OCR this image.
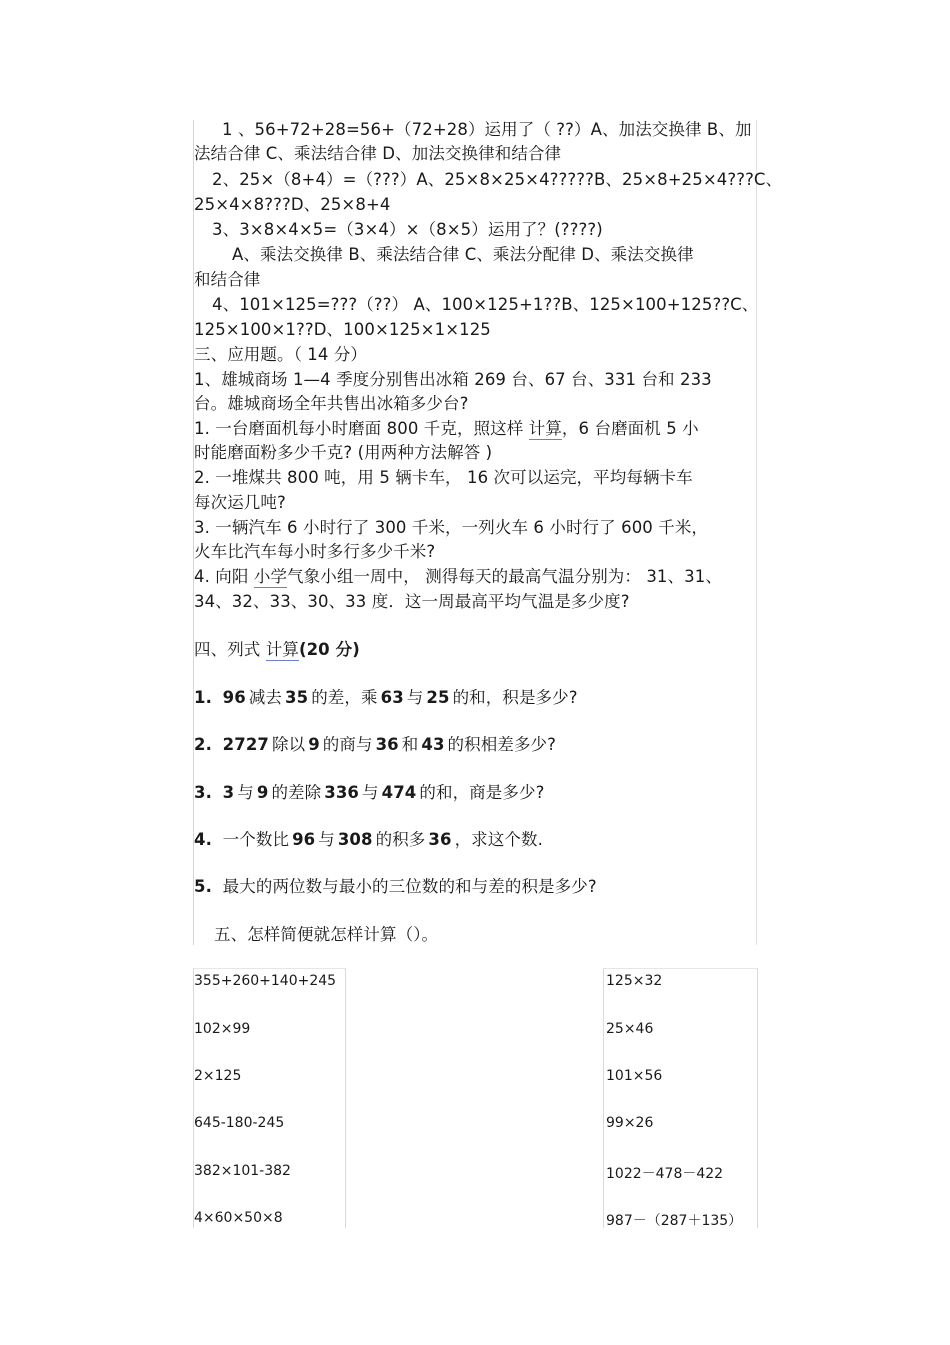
1 、56+72+28=56+（72+28）运用了（ ??）A、加法交换律 B、加
法结合律 C、乘法结合律 D、加法交换律和结合律
2、25×（8+4）=（???）A、25×8×25×4?????B、25×8+25×4???C、
25×4×8???D、25×8+4
3、3×8×4×5=（3×4）×（8×5）运用了？(????)
A、乘法交换律 B、乘法结合律 C、乘法分配律 D、乘法交换律
和结合律
4、101×125=???（??） A、100×125+1??B、125×100+125??C、
125×100×1??D、100×125×1×125
三、应用题。（ 14 分）
1、雄城商场 1—4 季度分别售出冰箱 269 台、67 台、331 台和 233
台。雄城商场全年共售出冰箱多少台?
1. 一台磨面机每小时磨面 800 千克，照这样 计算，6 台磨面机 5 小
时能磨面粉多少千克? (用两种方法解答 )
2. 一堆煤共 800 吨，用 5 辆卡车， 16 次可以运完，平均每辆卡车
每次运几吨?
3. 一辆汽车 6 小时行了 300 千米，一列火车 6 小时行了 600 千米，
火车比汽车每小时多行多少千米?
4. 向阳 小学气象小组一周中， 测得每天的最高气温分别为： 31、31、
34、32、33、30、33 度．这一周最高平均气温是多少度?
四、列式 计算(20 分)
1. 96 减去 35 的差，乘 63 与 25 的和，积是多少?
2. 2727 除以 9 的商与 36 和 43 的积相差多少?
3. 3 与 9 的差除 336 与 474 的和，商是多少?
4. 一个数比 96 与 308 的积多 36 ，求这个数.
5. 最大的两位数与最小的三位数的和与差的积是多少?
五、怎样简便就怎样计算（）。
355+260+140+245
102×99
2×125
645-180-245
382×101-382
4×60×50×8
125×32
25×46
101×56
99×26
1022－478－422
987－（287＋135）
